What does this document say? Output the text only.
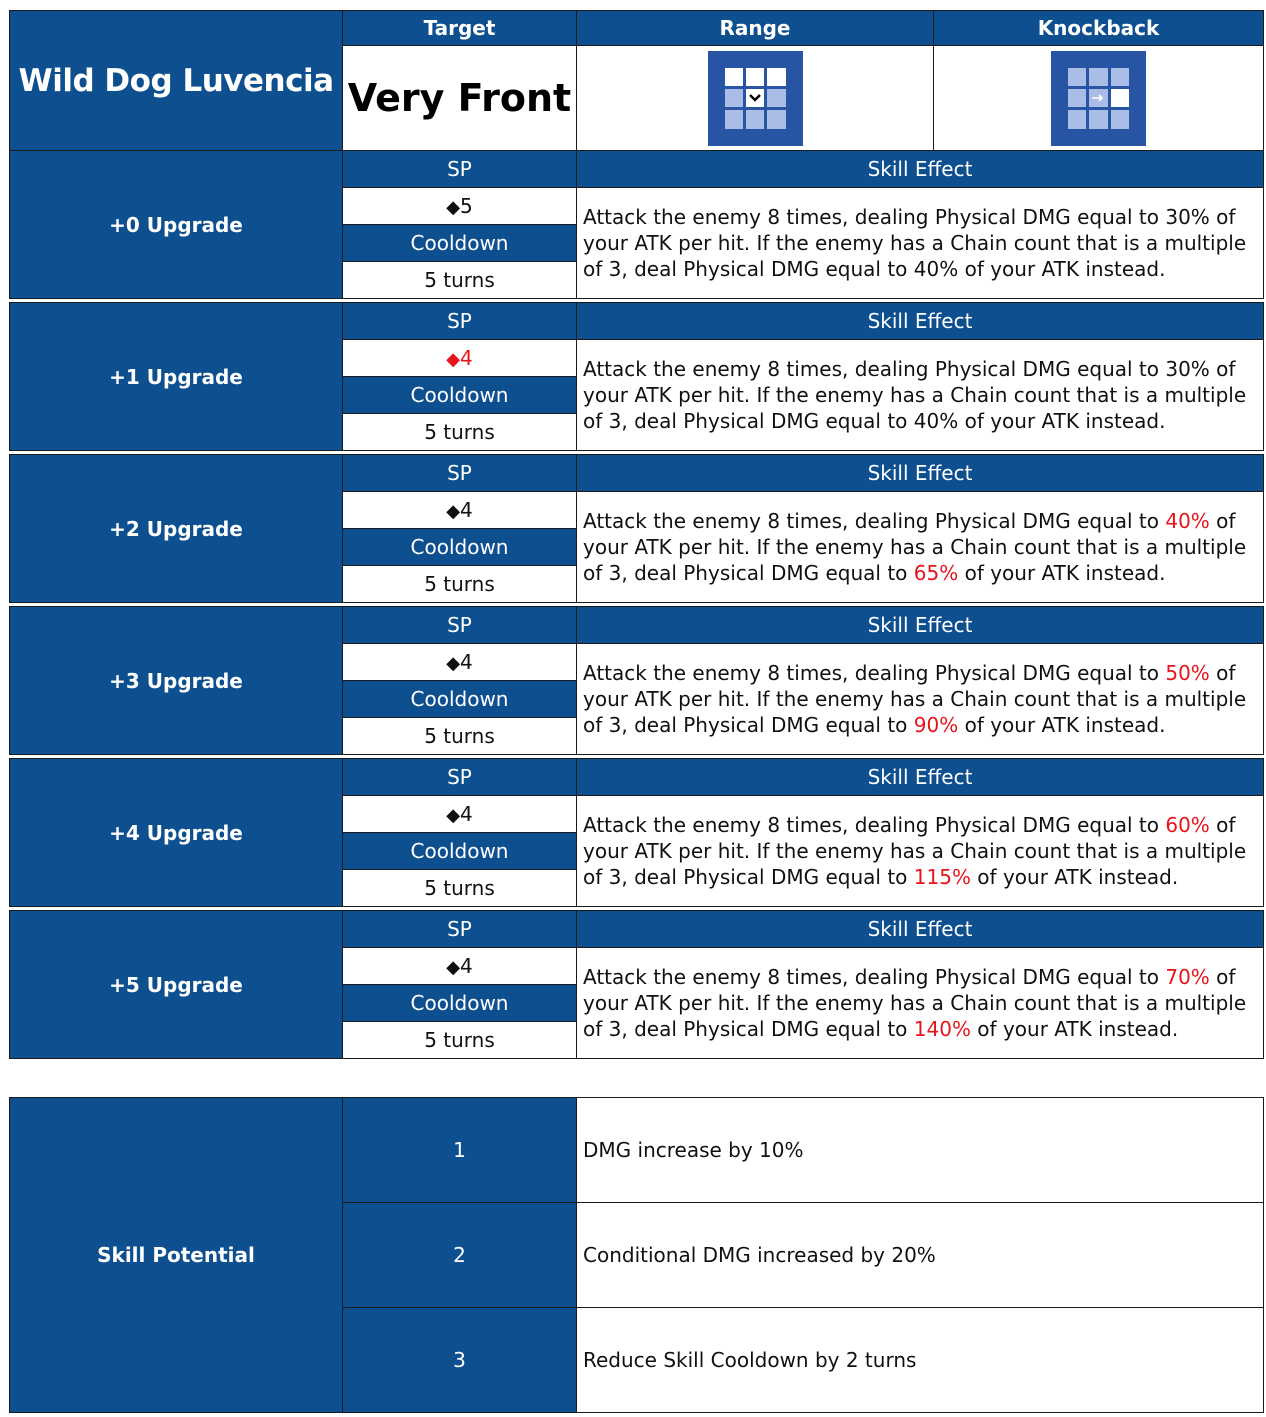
Wild Dog Luvencia	Target	Range	Knockback
	Very Front	

+0 Upgrade	SP	Skill Effect
	◆5	Attack the enemy 8 times, dealing Physical DMG equal to 30% of your ATK per hit. If the enemy has a Chain count that is a multiple of 3, deal Physical DMG equal to 40% of your ATK instead.
	Cooldown	
	5 turns	
+1 Upgrade	SP	Skill Effect
	◆4	Attack the enemy 8 times, dealing Physical DMG equal to 30% of your ATK per hit. If the enemy has a Chain count that is a multiple of 3, deal Physical DMG equal to 40% of your ATK instead.
	Cooldown	
	5 turns	
+2 Upgrade	SP	Skill Effect
	◆4	Attack the enemy 8 times, dealing Physical DMG equal to 40% of your ATK per hit. If the enemy has a Chain count that is a multiple of 3, deal Physical DMG equal to 65% of your ATK instead.
	Cooldown	
	5 turns	
+3 Upgrade	SP	Skill Effect
	◆4	Attack the enemy 8 times, dealing Physical DMG equal to 50% of your ATK per hit. If the enemy has a Chain count that is a multiple of 3, deal Physical DMG equal to 90% of your ATK instead.
	Cooldown	
	5 turns	
+4 Upgrade	SP	Skill Effect
	◆4	Attack the enemy 8 times, dealing Physical DMG equal to 60% of your ATK per hit. If the enemy has a Chain count that is a multiple of 3, deal Physical DMG equal to 115% of your ATK instead.
	Cooldown	
	5 turns	
+5 Upgrade	SP	Skill Effect
	◆4	Attack the enemy 8 times, dealing Physical DMG equal to 70% of your ATK per hit. If the enemy has a Chain count that is a multiple of 3, deal Physical DMG equal to 140% of your ATK instead.
	Cooldown	
	5 turns	
Skill Potential	1	DMG increase by 10%
	2	Conditional DMG increased by 20%
	3	Reduce Skill Cooldown by 2 turns
